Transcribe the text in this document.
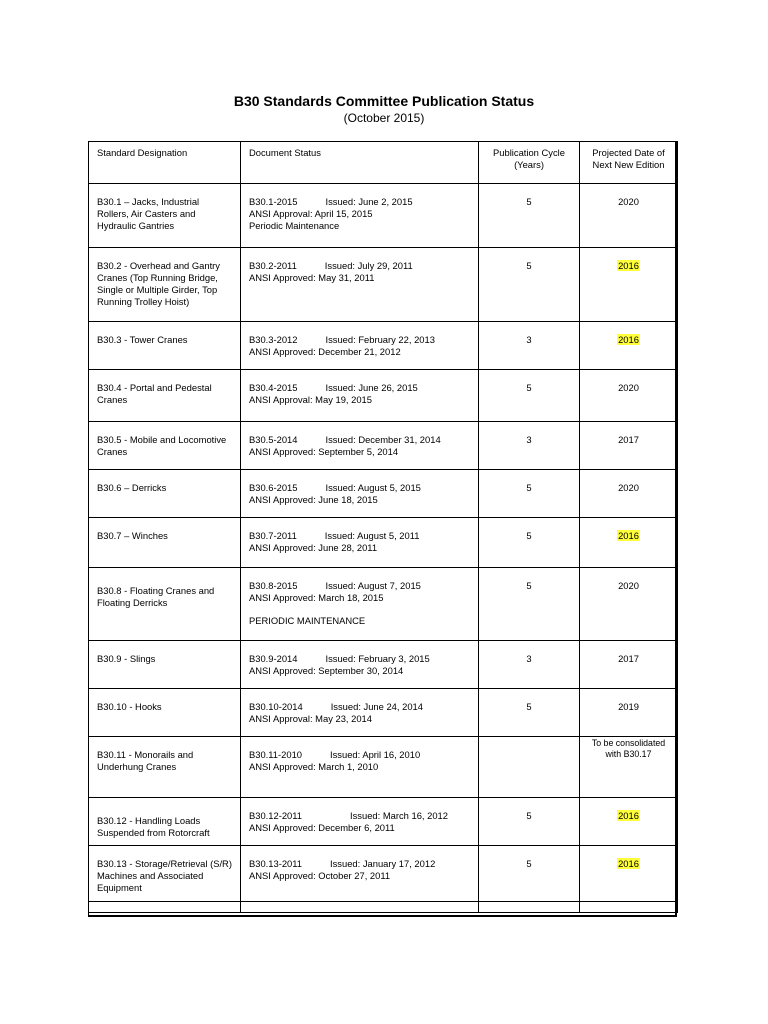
B30 Standards Committee Publication Status
(October 2015)
Standard Designation	Document Status	Publication Cycle (Years)	Projected Date of Next New Edition
B30.1 – Jacks, Industrial Rollers, Air Casters and Hydraulic Gantries	B30.1-2015 Issued: June 2, 2015
ANSI Approval: April 15, 2015
Periodic Maintenance	5	2020
B30.2 - Overhead and Gantry Cranes (Top Running Bridge, Single or Multiple Girder, Top Running Trolley Hoist)	B30.2-2011 Issued: July 29, 2011
ANSI Approved: May 31, 2011	5	2016
B30.3 - Tower Cranes	B30.3-2012 Issued: February 22, 2013
ANSI Approved: December 21, 2012	3	2016
B30.4 - Portal and Pedestal Cranes	B30.4-2015 Issued: June 26, 2015
ANSI Approval: May 19, 2015	5	2020
B30.5 - Mobile and Locomotive Cranes	B30.5-2014 Issued: December 31, 2014
ANSI Approved: September 5, 2014	3	2017
B30.6 – Derricks	B30.6-2015 Issued: August 5, 2015
ANSI Approved: June 18, 2015	5	2020
B30.7 – Winches	B30.7-2011 Issued: August 5, 2011
ANSI Approved: June 28, 2011	5	2016
B30.8 - Floating Cranes and Floating Derricks	B30.8-2015 Issued: August 7, 2015
ANSI Approved: March 18, 2015
PERIODIC MAINTENANCE	5	2020
B30.9 - Slings	B30.9-2014 Issued: February 3, 2015
ANSI Approved: September 30, 2014	3	2017
B30.10 - Hooks	B30.10-2014 Issued: June 24, 2014
ANSI Approval: May 23, 2014	5	2019
B30.11 - Monorails and Underhung Cranes	B30.11-2010 Issued: April 16, 2010
ANSI Approved: March 1, 2010		To be consolidated with B30.17
B30.12 - Handling Loads Suspended from Rotorcraft	B30.12-2011 Issued: March 16, 2012
ANSI Approved: December 6, 2011	5	2016
B30.13 - Storage/Retrieval (S/R) Machines and Associated Equipment	B30.13-2011 Issued: January 17, 2012
ANSI Approved: October 27, 2011	5	2016
